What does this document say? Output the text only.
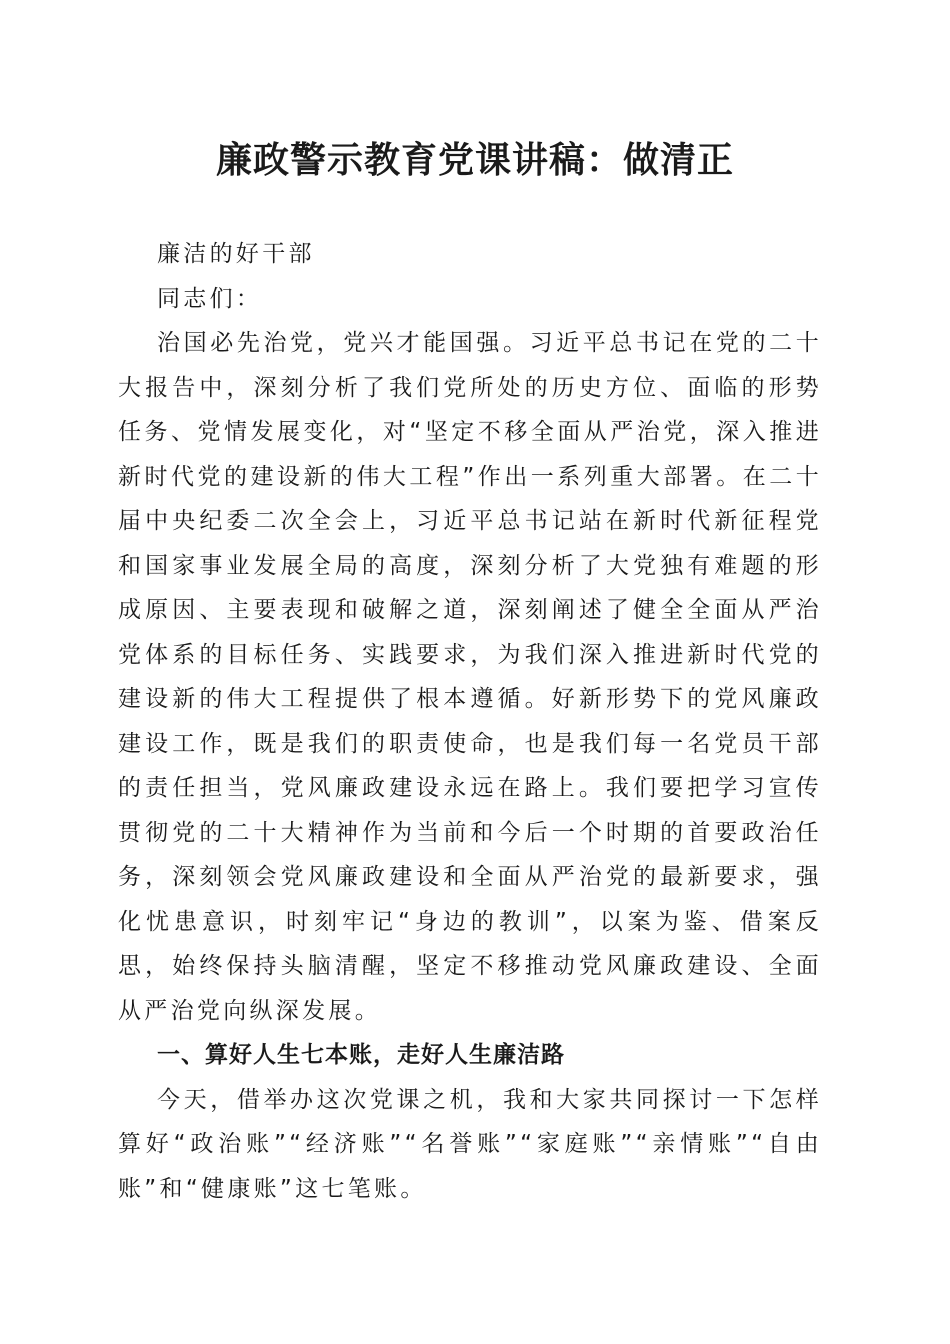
廉政警示教育党课讲稿：做清正

廉洁的好干部

同志们：

治国必先治党，党兴才能国强。习近平总书记在党的二十大报告中，深刻分析了我们党所处的历史方位、面临的形势任务、党情发展变化，对“坚定不移全面从严治党，深入推进新时代党的建设新的伟大工程”作出一系列重大部署。在二十届中央纪委二次全会上，习近平总书记站在新时代新征程党和国家事业发展全局的高度，深刻分析了大党独有难题的形成原因、主要表现和破解之道，深刻阐述了健全全面从严治党体系的目标任务、实践要求，为我们深入推进新时代党的建设新的伟大工程提供了根本遵循。好新形势下的党风廉政建设工作，既是我们的职责使命，也是我们每一名党员干部的责任担当，党风廉政建设永远在路上。我们要把学习宣传贯彻党的二十大精神作为当前和今后一个时期的首要政治任务，深刻领会党风廉政建设和全面从严治党的最新要求，强化忧患意识，时刻牢记“身边的教训”，以案为鉴、借案反思，始终保持头脑清醒，坚定不移推动党风廉政建设、全面从严治党向纵深发展。

一、算好人生七本账，走好人生廉洁路

今天，借举办这次党课之机，我和大家共同探讨一下怎样算好“政治账”“经济账”“名誉账”“家庭账”“亲情账”“自由账”和“健康账”这七笔账。
